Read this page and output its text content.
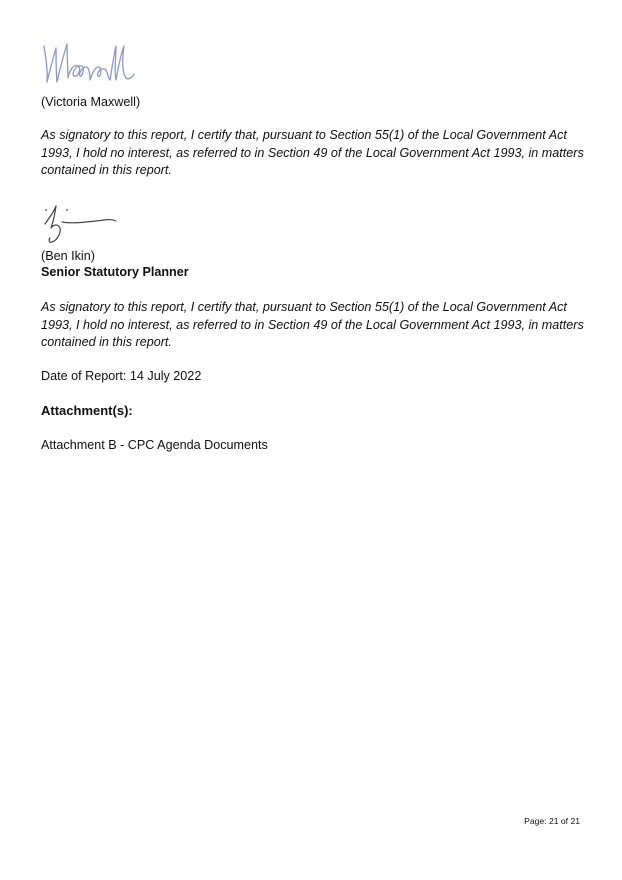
(Victoria Maxwell)
As signatory to this report, I certify that, pursuant to Section 55(1) of the Local Government Act 1993, I hold no interest, as referred to in Section 49 of the Local Government Act 1993, in matters contained in this report.
(Ben Ikin)
Senior Statutory Planner
As signatory to this report, I certify that, pursuant to Section 55(1) of the Local Government Act 1993, I hold no interest, as referred to in Section 49 of the Local Government Act 1993, in matters contained in this report.
Date of Report: 14 July 2022
Attachment(s):
Attachment B - CPC Agenda Documents
Page: 21 of 21
